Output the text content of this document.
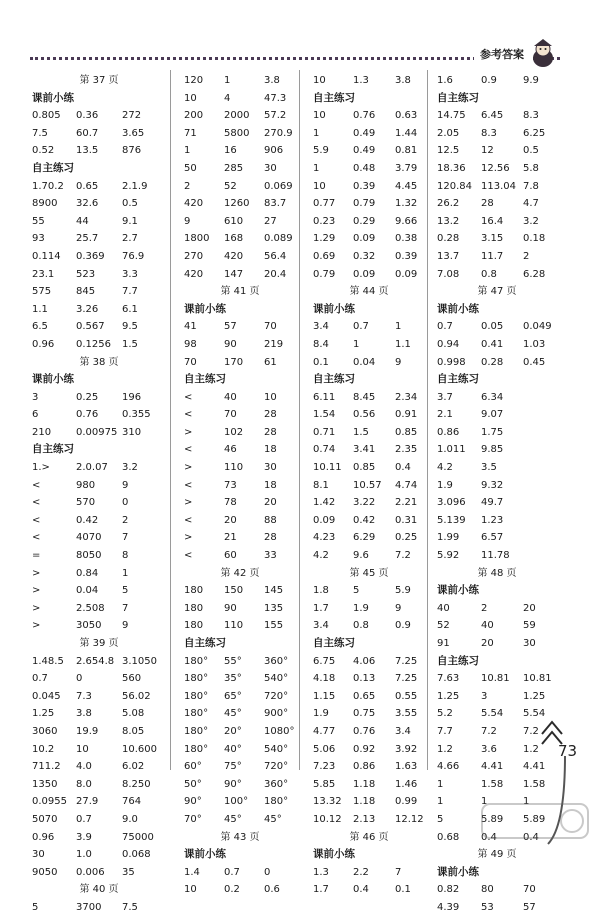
参考答案
第 37 页
课前小练
0.805 0.36 272
7.5	60.7 3.65
0.52 13.5 876
自主练习
1.70.2 0.65 2.1.9
8900 32.6 0.5
55	44	9.1
93	25.7 2.7
0.114 0.369 76.9
23.1 523	3.3
575 845	7.7
1.1	3.26 6.1
6.5	0.567 9.5
0.96 0.1256 1.5
第 38 页
课前小练
3	0.25 196
6	0.76 0.355
210 0.00975 310
自主练习
1.>	2.0.07 3.2
<	980	9
<	570	0
<	0.42 2
<	4070 7
=	8050 8
>	0.84 1
>	0.04 5
>	2.508 7
>	3050 9
第 39 页
1.48.5 2.654.8 3.1050
0.7	0	560
0.045 7.3	56.02
1.25 3.8	5.08
3060 19.9 8.05
10.2 10	10.600
711.2 4.0	6.02
1350 8.0	8.250
0.0955 27.9 764
5070 0.7	9.0
0.96 3.9	75000
30	1.0	0.068
9050 0.006 35
第 40 页
5	3700 7.5
120 1	3.8
10	4	47.3
200 2000 57.2
71	5800 270.9
1	16	906
50	285 30
2	52	0.069
420 1260 83.7
9	610 27
1800 168 0.089
270 420 56.4
420 147 20.4
第 41 页
课前小练
41	57	70
98	90	219
70	170 61
自主练习
<	40	10
<	70	28
>	102 28
<	46	18
>	110 30
<	73	18
>	78	20
<	20	88
>	21	28
<	60	33
第 42 页
180 150 145
180 90	135
180 110 155
自主练习
180° 55° 360°
180° 35° 540°
180° 65° 720°
180° 45° 900°
180° 20° 1080°
180° 40° 540°
60° 75° 720°
50° 90° 360°
90° 100° 180°
70° 45° 45°
第 43 页
课前小练
1.4 0.7 0
10	0.2 0.6
10	1.3	3.8
自主练习
10	0.76 0.63
1	0.49 1.44
5.9 0.49 0.81
1	0.48 3.79
10	0.39 4.45
0.77 0.79 1.32
0.23 0.29 9.66
1.29 0.09 0.38
0.69 0.32 0.39
0.79 0.09 0.09
第 44 页
课前小练
3.4 0.7	1
8.4 1	1.1
0.1 0.04 9
自主练习
6.11 8.45 2.34
1.54 0.56 0.91
0.71 1.5	0.85
0.74 3.41 2.35
10.11 0.85 0.4
8.1 10.57 4.74
1.42 3.22 2.21
0.09 0.42 0.31
4.23 6.29 0.25
4.2 9.6	7.2
第 45 页
1.8 5	5.9
1.7 1.9	9
3.4 0.8	0.9
自主练习
6.75 4.06 7.25
4.18 0.13 7.25
1.15 0.65 0.55
1.9 0.75 3.55
4.77 0.76 3.4
5.06 0.92 3.92
7.23 0.86 1.63
5.85 1.18 1.46
13.32 1.18 0.99
10.12 2.13 12.12
第 46 页
课前小练
1.3 2.2	7
1.7 0.4	0.1
1.6	0.9	9.9
自主练习
14.75 6.45 8.3
2.05 8.3	6.25
12.5 12	0.5
18.36 12.56 5.8
120.84 113.04 7.8
26.2 28	4.7
13.2 16.4 3.2
0.28 3.15 0.18
13.7 11.7 2
7.08 0.8	6.28
第 47 页
课前小练
0.7	0.05 0.049
0.94 0.41 1.03
0.998 0.28 0.45
自主练习
3.7	6.34
2.1	9.07
0.86 1.75
1.011 9.85
4.2	3.5
1.9	9.32
3.096 49.7
5.139 1.23
1.99 6.57
5.92 11.78
第 48 页
课前小练
40	2	20
52	40	59
91	20	30
自主练习
7.63 10.81 10.81
1.25 3	1.25
5.2	5.54 5.54
7.7	7.2	7.2
1.2	3.6	1.2
4.66 4.41 4.41
1	1.58 1.58
1	1	1
5	5.89 5.89
0.68 0.4	0.4
第 49 页
课前小练
0.82 80	70
4.39 53	57
73
